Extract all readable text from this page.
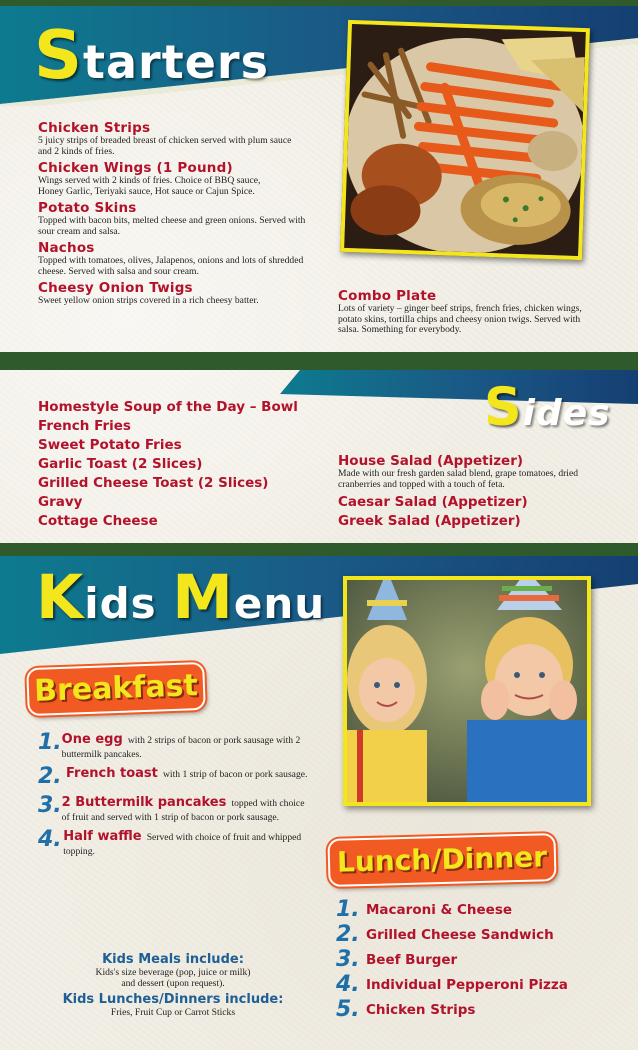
Starters
Chicken Strips
5 juicy strips of breaded breast of chicken served with plum sauce and 2 kinds of fries.
Chicken Wings (1 Pound)
Wings served with 2 kinds of fries. Choice of BBQ sauce, Honey Garlic, Teriyaki sauce, Hot sauce or Cajun Spice.
Potato Skins
Topped with bacon bits, melted cheese and green onions. Served with sour cream and salsa.
Nachos
Topped with tomatoes, olives, Jalapenos, onions and lots of shredded cheese. Served with salsa and sour cream.
Cheesy Onion Twigs
Sweet yellow onion strips covered in a rich cheesy batter.	Combo Plate
Lots of variety – ginger beef strips, french fries, chicken wings, potato skins, tortilla chips and cheesy onion twigs. Served with salsa. Something for everybody.
Sides
Homestyle Soup of the Day – Bowl
French Fries
Sweet Potato Fries
Garlic Toast (2 Slices)
Grilled Cheese Toast (2 Slices)
Gravy
Cottage Cheese
House Salad (Appetizer)
Made with our fresh garden salad blend, grape tomatoes, dried cranberries and topped with a touch of feta.
Caesar Salad (Appetizer)
Greek Salad (Appetizer)
Kids Menu
Breakfast
1. One egg with 2 strips of bacon or pork sausage with 2 buttermilk pancakes.
2. French toast with 1 strip of bacon or pork sausage.
3. 2 Buttermilk pancakes topped with choice of fruit and served with 1 strip of bacon or pork sausage.
4. Half waffle Served with choice of fruit and whipped topping.	Lunch/Dinner
1. Macaroni & Cheese
2. Grilled Cheese Sandwich
3. Beef Burger
4. Individual Pepperoni Pizza
5. Chicken Strips
Kids Meals include:
Kids's size beverage (pop, juice or milk)
and dessert (upon request).
Kids Lunches/Dinners include:
Fries, Fruit Cup or Carrot Sticks
